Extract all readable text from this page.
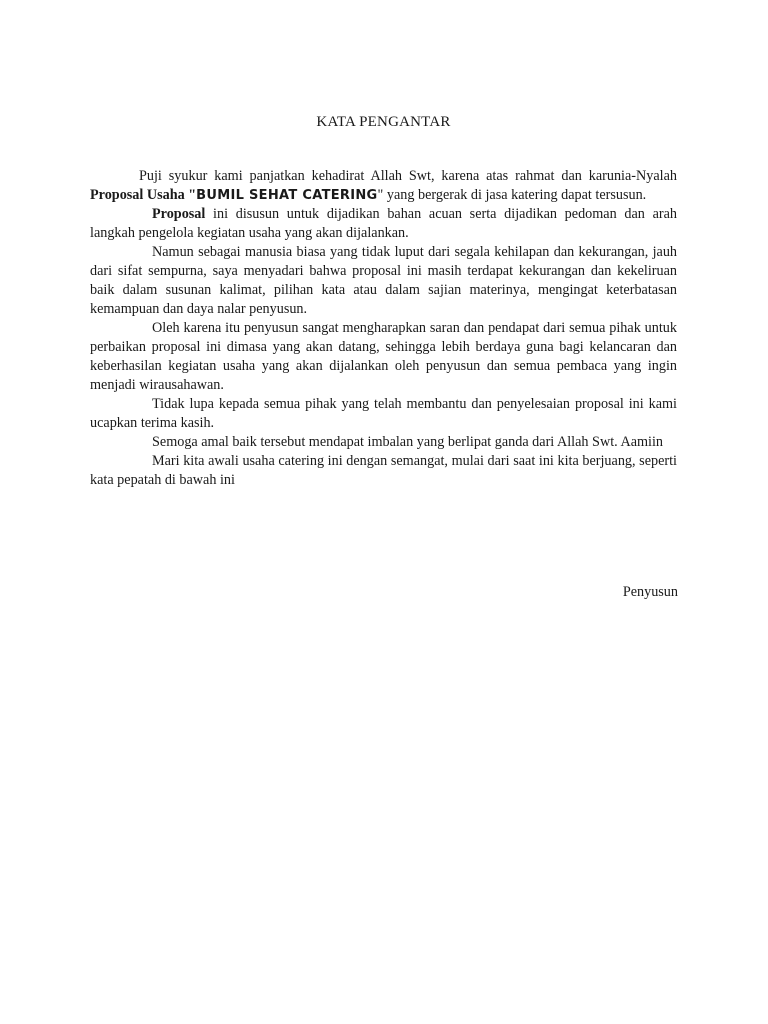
KATA PENGANTAR

Puji syukur kami panjatkan kehadirat Allah Swt, karena atas rahmat dan karunia-Nyalah Proposal Usaha "BUMIL SEHAT CATERING" yang bergerak di jasa katering dapat tersusun.

Proposal ini disusun untuk dijadikan bahan acuan serta dijadikan pedoman dan arah langkah pengelola kegiatan usaha yang akan dijalankan.

Namun sebagai manusia biasa yang tidak luput dari segala kehilapan dan kekurangan, jauh dari sifat sempurna, saya menyadari bahwa proposal ini masih terdapat kekurangan dan kekeliruan baik dalam susunan kalimat, pilihan kata atau dalam sajian materinya, mengingat keterbatasan kemampuan dan daya nalar penyusun.

Oleh karena itu penyusun sangat mengharapkan saran dan pendapat dari semua pihak untuk perbaikan proposal ini dimasa yang akan datang, sehingga lebih berdaya guna bagi kelancaran dan keberhasilan kegiatan usaha yang akan dijalankan oleh penyusun dan semua pembaca yang ingin menjadi wirausahawan.

Tidak lupa kepada semua pihak yang telah membantu dan penyelesaian proposal ini kami ucapkan terima kasih.

Semoga amal baik tersebut mendapat imbalan yang berlipat ganda dari Allah Swt. Aamiin

Mari kita awali usaha catering ini dengan semangat, mulai dari saat ini kita berjuang, seperti kata pepatah di bawah ini

Penyusun
